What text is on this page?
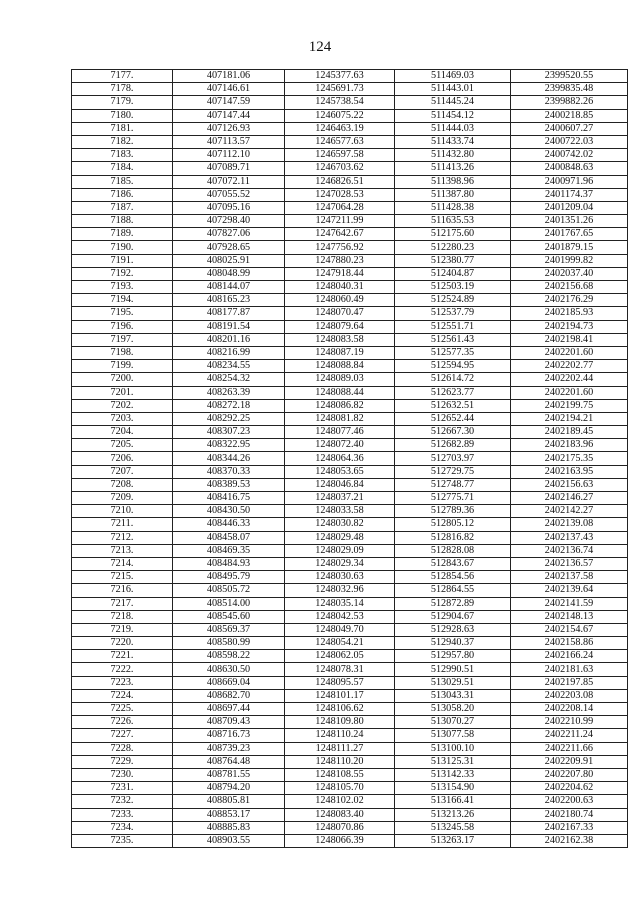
124
7177.	407181.06	1245377.63	511469.03	2399520.55
7178.	407146.61	1245691.73	511443.01	2399835.48
7179.	407147.59	1245738.54	511445.24	2399882.26
7180.	407147.44	1246075.22	511454.12	2400218.85
7181.	407126.93	1246463.19	511444.03	2400607.27
7182.	407113.57	1246577.63	511433.74	2400722.03
7183.	407112.10	1246597.58	511432.80	2400742.02
7184.	407089.71	1246703.62	511413.26	2400848.63
7185.	407072.11	1246826.51	511398.96	2400971.96
7186.	407055.52	1247028.53	511387.80	2401174.37
7187.	407095.16	1247064.28	511428.38	2401209.04
7188.	407298.40	1247211.99	511635.53	2401351.26
7189.	407827.06	1247642.67	512175.60	2401767.65
7190.	407928.65	1247756.92	512280.23	2401879.15
7191.	408025.91	1247880.23	512380.77	2401999.82
7192.	408048.99	1247918.44	512404.87	2402037.40
7193.	408144.07	1248040.31	512503.19	2402156.68
7194.	408165.23	1248060.49	512524.89	2402176.29
7195.	408177.87	1248070.47	512537.79	2402185.93
7196.	408191.54	1248079.64	512551.71	2402194.73
7197.	408201.16	1248083.58	512561.43	2402198.41
7198.	408216.99	1248087.19	512577.35	2402201.60
7199.	408234.55	1248088.84	512594.95	2402202.77
7200.	408254.32	1248089.03	512614.72	2402202.44
7201.	408263.39	1248088.44	512623.77	2402201.60
7202.	408272.18	1248086.82	512632.51	2402199.75
7203.	408292.25	1248081.82	512652.44	2402194.21
7204.	408307.23	1248077.46	512667.30	2402189.45
7205.	408322.95	1248072.40	512682.89	2402183.96
7206.	408344.26	1248064.36	512703.97	2402175.35
7207.	408370.33	1248053.65	512729.75	2402163.95
7208.	408389.53	1248046.84	512748.77	2402156.63
7209.	408416.75	1248037.21	512775.71	2402146.27
7210.	408430.50	1248033.58	512789.36	2402142.27
7211.	408446.33	1248030.82	512805.12	2402139.08
7212.	408458.07	1248029.48	512816.82	2402137.43
7213.	408469.35	1248029.09	512828.08	2402136.74
7214.	408484.93	1248029.34	512843.67	2402136.57
7215.	408495.79	1248030.63	512854.56	2402137.58
7216.	408505.72	1248032.96	512864.55	2402139.64
7217.	408514.00	1248035.14	512872.89	2402141.59
7218.	408545.60	1248042.53	512904.67	2402148.13
7219.	408569.37	1248049.70	512928.63	2402154.67
7220.	408580.99	1248054.21	512940.37	2402158.86
7221.	408598.22	1248062.05	512957.80	2402166.24
7222.	408630.50	1248078.31	512990.51	2402181.63
7223.	408669.04	1248095.57	513029.51	2402197.85
7224.	408682.70	1248101.17	513043.31	2402203.08
7225.	408697.44	1248106.62	513058.20	2402208.14
7226.	408709.43	1248109.80	513070.27	2402210.99
7227.	408716.73	1248110.24	513077.58	2402211.24
7228.	408739.23	1248111.27	513100.10	2402211.66
7229.	408764.48	1248110.20	513125.31	2402209.91
7230.	408781.55	1248108.55	513142.33	2402207.80
7231.	408794.20	1248105.70	513154.90	2402204.62
7232.	408805.81	1248102.02	513166.41	2402200.63
7233.	408853.17	1248083.40	513213.26	2402180.74
7234.	408885.83	1248070.86	513245.58	2402167.33
7235.	408903.55	1248066.39	513263.17	2402162.38
